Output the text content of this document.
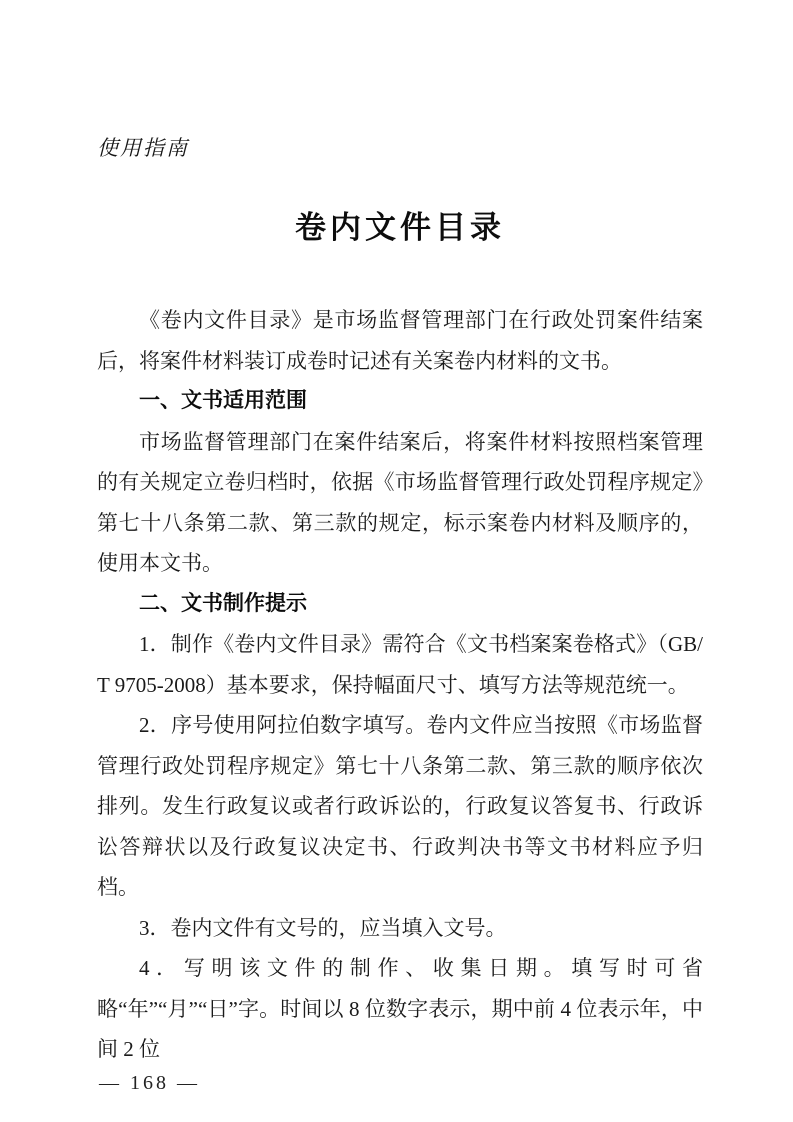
使用指南
卷内文件目录

《卷内文件目录》是市场监督管理部门在行政处罚案件结案后，将案件材料装订成卷时记述有关案卷内材料的文书。

一、文书适用范围

市场监督管理部门在案件结案后，将案件材料按照档案管理的有关规定立卷归档时，依据《市场监督管理行政处罚程序规定》第七十八条第二款、第三款的规定，标示案卷内材料及顺序的，使用本文书。

二、文书制作提示

1．制作《卷内文件目录》需符合《文书档案案卷格式》（GB/T 9705-2008）基本要求，保持幅面尺寸、填写方法等规范统一。

2．序号使用阿拉伯数字填写。卷内文件应当按照《市场监督管理行政处罚程序规定》第七十八条第二款、第三款的顺序依次排列。发生行政复议或者行政诉讼的，行政复议答复书、行政诉讼答辩状以及行政复议决定书、行政判决书等文书材料应予归档。

3．卷内文件有文号的，应当填入文号。

4．写明该文件的制作、收集日期。填写时可省略“年”“月”“日”字。时间以 8 位数字表示，期中前 4 位表示年，中间 2 位

— 168 —
